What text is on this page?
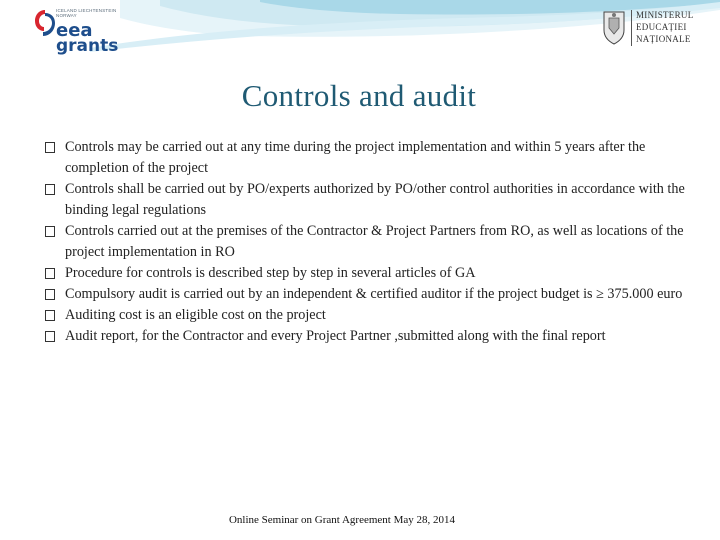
ICELAND LIECHTENSTEIN NORWAY
eea
grants
MINISTERUL
EDUCAȚIEI
NAȚIONALE
Controls and audit
Controls may be carried out at any time during the project implementation and within 5 years after the completion of the project
Controls shall be carried out by PO/experts authorized by PO/other control authorities in accordance with the binding legal regulations
Controls carried out at the premises of the Contractor & Project Partners from RO, as well as locations of the project implementation in RO
Procedure for controls is described step by step in several articles of GA
Compulsory audit is carried out by an independent & certified auditor if the project budget is ≥ 375.000 euro
Auditing cost is an eligible cost on the project
Audit report, for the Contractor and every Project Partner ,submitted along with the final report
Online Seminar on Grant Agreement May 28, 2014
